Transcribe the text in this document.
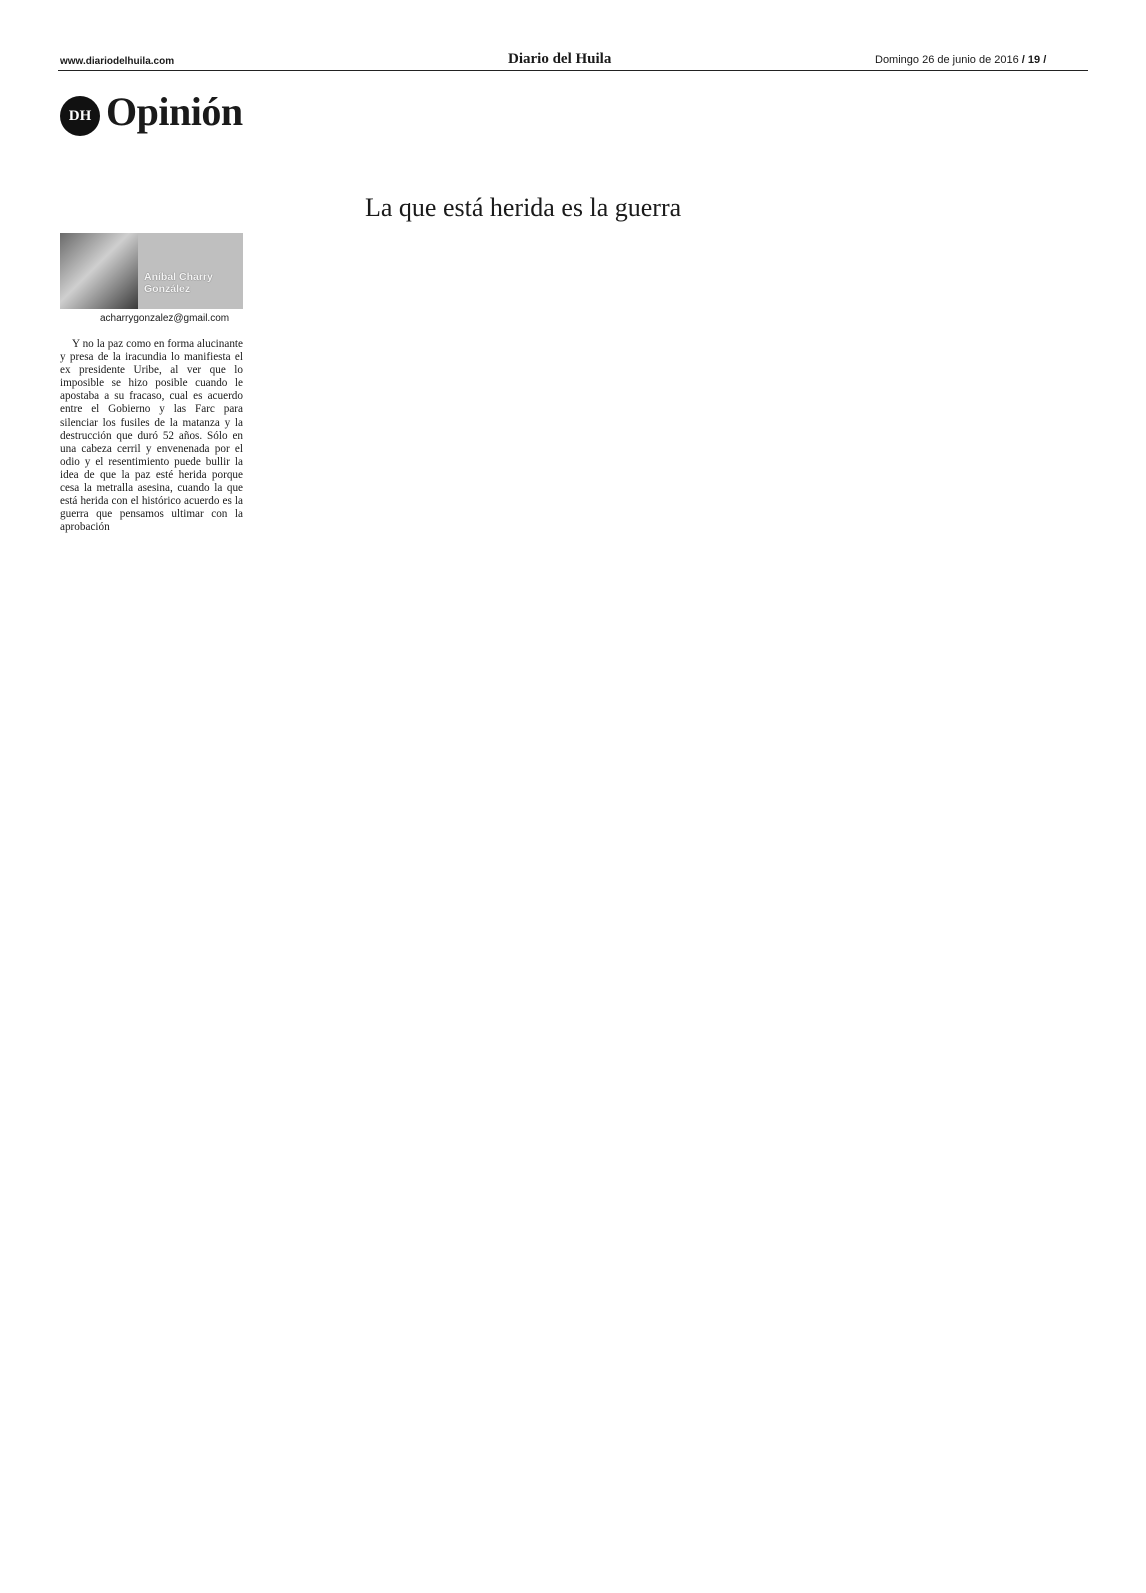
www.diariodelhuila.com	Diario del Huila	Domingo 26 de junio de 2016 / 19 /
DH Opinión
La que está herida es la guerra
Aníbal Charry González
acharrygonzalez@gmail.com

Y no la paz como en forma alucinante y presa de la iracundia lo manifiesta el ex presidente Uribe, al ver que lo imposible se hizo posible cuando le apostaba a su fracaso, cual es acuerdo entre el Gobierno y las Farc para silenciar los fusiles de la matanza y la destrucción que duró 52 años. Sólo en una cabeza cerril y envenenada por el odio y el resentimiento puede bullir la idea de que la paz esté herida porque cesa la metralla asesina, cuando la que está herida con el histórico acuerdo es la guerra que pensamos ultimar con la aprobación
